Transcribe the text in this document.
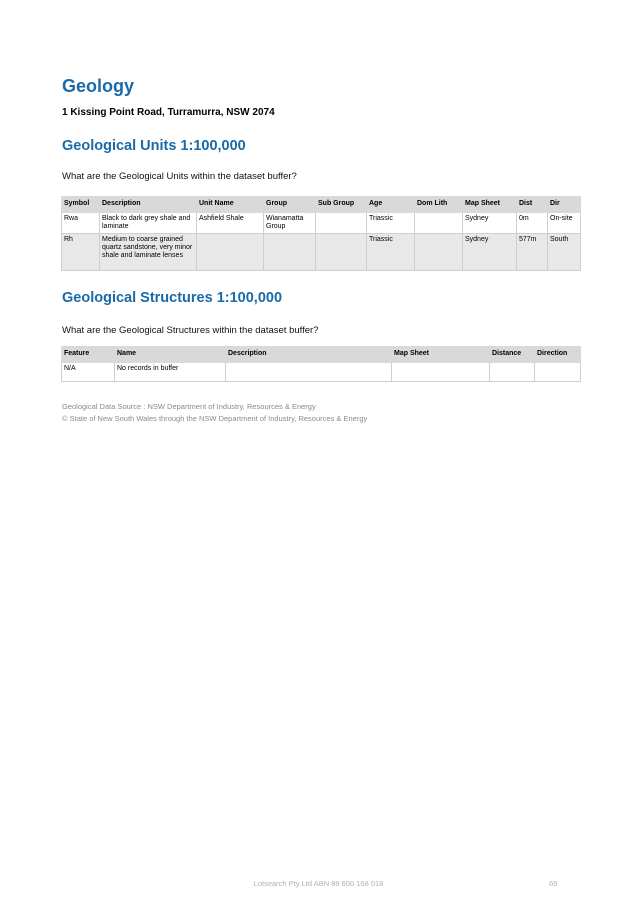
Geology

1 Kissing Point Road, Turramurra, NSW 2074

Geological Units 1:100,000

What are the Geological Units within the dataset buffer?

Symbol	Description	Unit Name	Group	Sub Group	Age	Dom Lith	Map Sheet	Dist	Dir
Rwa	Black to dark grey shale and laminate	Ashfield Shale	Wianamatta Group		Triassic		Sydney	0m	On-site
Rh	Medium to coarse grained quartz sandstone, very minor shale and laminate lenses				Triassic		Sydney	577m	South
Geological Structures 1:100,000

What are the Geological Structures within the dataset buffer?

Feature	Name	Description	Map Sheet	Distance	Direction
N/A	No records in buffer				

Geological Data Source : NSW Department of Industry, Resources & Energy

© State of New South Wales through the NSW Department of Industry, Resources & Energy

Lotsearch Pty Ltd ABN 89 600 168 018	69
